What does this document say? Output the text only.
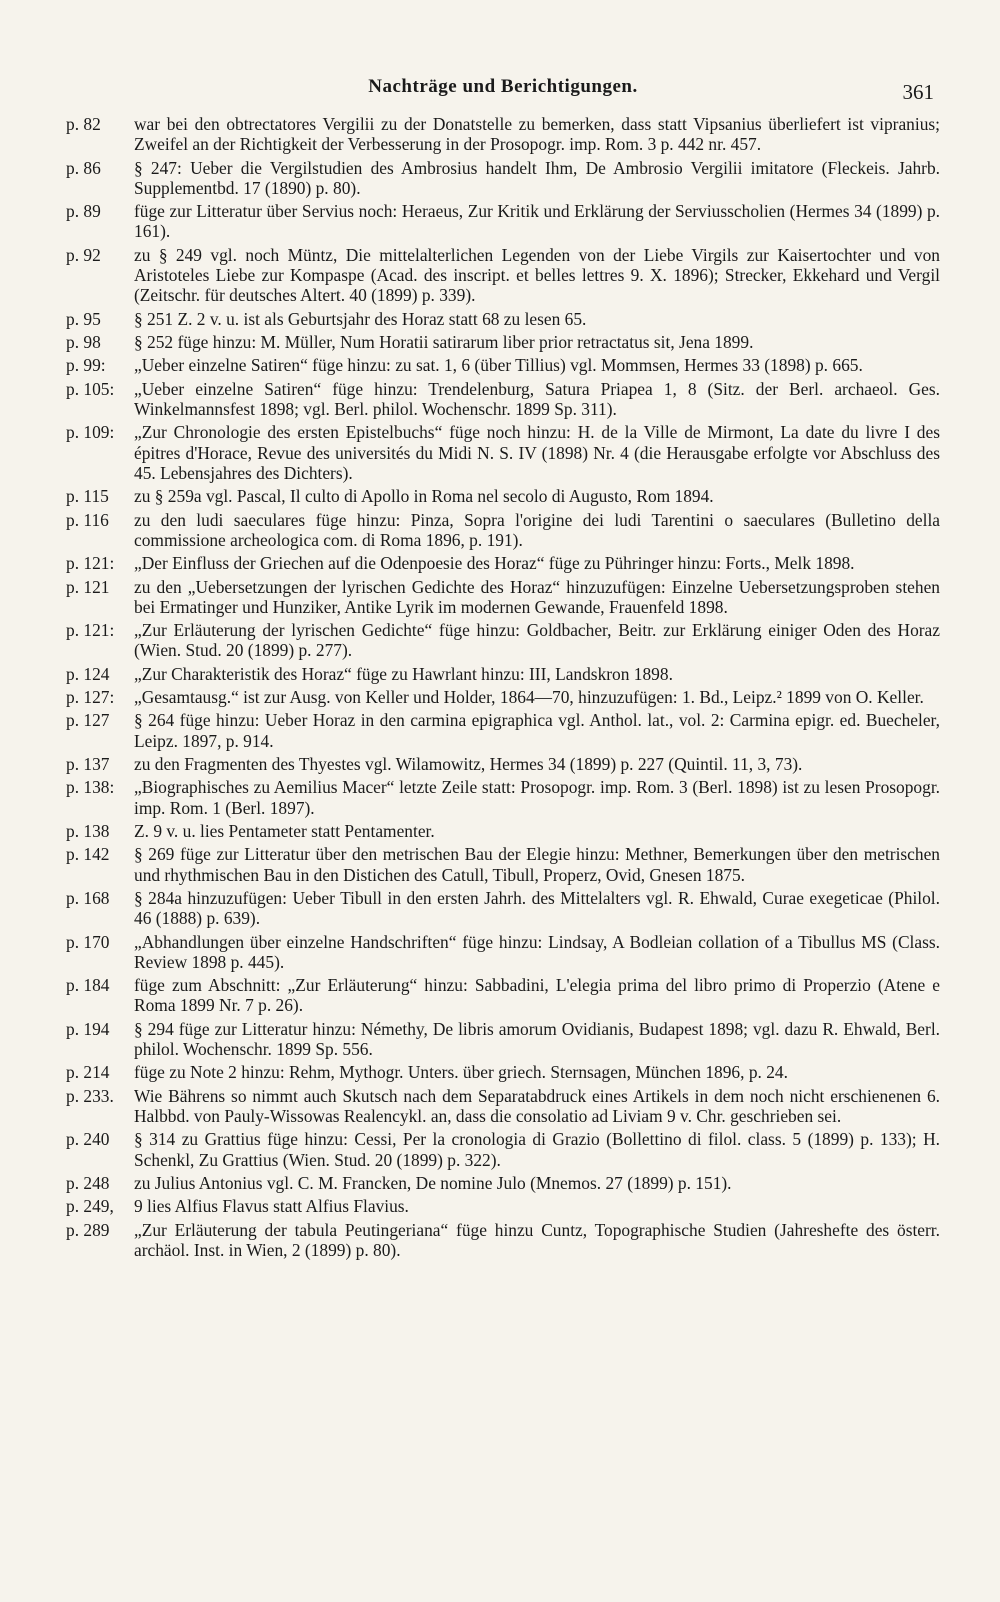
Nachträge und Berichtigungen.	361
p. 82	war bei den obtrectatores Vergilii zu der Donatstelle zu bemerken, dass statt Vipsanius überliefert ist vipranius; Zweifel an der Richtigkeit der Verbesserung in der Prosopogr. imp. Rom. 3 p. 442 nr. 457.
p. 86	§ 247: Ueber die Vergilstudien des Ambrosius handelt Ihm, De Ambrosio Vergilii imitatore (Fleckeis. Jahrb. Supplementbd. 17 (1890) p. 80).
p. 89	füge zur Litteratur über Servius noch: Heraeus, Zur Kritik und Erklärung der Serviusscholien (Hermes 34 (1899) p. 161).
p. 92	zu § 249 vgl. noch Müntz, Die mittelalterlichen Legenden von der Liebe Virgils zur Kaisertochter und von Aristoteles Liebe zur Kompaspe (Acad. des inscript. et belles lettres 9. X. 1896); Strecker, Ekkehard und Vergil (Zeitschr. für deutsches Altert. 40 (1899) p. 339).
p. 95	§ 251 Z. 2 v. u. ist als Geburtsjahr des Horaz statt 68 zu lesen 65.
p. 98	§ 252 füge hinzu: M. Müller, Num Horatii satirarum liber prior retractatus sit, Jena 1899.
p. 99:	„Ueber einzelne Satiren“ füge hinzu: zu sat. 1, 6 (über Tillius) vgl. Mommsen, Hermes 33 (1898) p. 665.
p. 105:	„Ueber einzelne Satiren“ füge hinzu: Trendelenburg, Satura Priapea 1, 8 (Sitz. der Berl. archaeol. Ges. Winkelmannsfest 1898; vgl. Berl. philol. Wochenschr. 1899 Sp. 311).
p. 109:	„Zur Chronologie des ersten Epistelbuchs“ füge noch hinzu: H. de la Ville de Mirmont, La date du livre I des épitres d'Horace, Revue des universités du Midi N. S. IV (1898) Nr. 4 (die Herausgabe erfolgte vor Abschluss des 45. Lebensjahres des Dichters).
p. 115	zu § 259a vgl. Pascal, Il culto di Apollo in Roma nel secolo di Augusto, Rom 1894.
p. 116	zu den ludi saeculares füge hinzu: Pinza, Sopra l'origine dei ludi Tarentini o saeculares (Bulletino della commissione archeologica com. di Roma 1896, p. 191).
p. 121:	„Der Einfluss der Griechen auf die Odenpoesie des Horaz“ füge zu Pühringer hinzu: Forts., Melk 1898.
p. 121	zu den „Uebersetzungen der lyrischen Gedichte des Horaz“ hinzuzufügen: Einzelne Uebersetzungsproben stehen bei Ermatinger und Hunziker, Antike Lyrik im modernen Gewande, Frauenfeld 1898.
p. 121:	„Zur Erläuterung der lyrischen Gedichte“ füge hinzu: Goldbacher, Beitr. zur Erklärung einiger Oden des Horaz (Wien. Stud. 20 (1899) p. 277).
p. 124	„Zur Charakteristik des Horaz“ füge zu Hawrlant hinzu: III, Landskron 1898.
p. 127:	„Gesamtausg.“ ist zur Ausg. von Keller und Holder, 1864—70, hinzuzufügen: 1. Bd., Leipz.² 1899 von O. Keller.
p. 127	§ 264 füge hinzu: Ueber Horaz in den carmina epigraphica vgl. Anthol. lat., vol. 2: Carmina epigr. ed. Buecheler, Leipz. 1897, p. 914.
p. 137	zu den Fragmenten des Thyestes vgl. Wilamowitz, Hermes 34 (1899) p. 227 (Quintil. 11, 3, 73).
p. 138:	„Biographisches zu Aemilius Macer“ letzte Zeile statt: Prosopogr. imp. Rom. 3 (Berl. 1898) ist zu lesen Prosopogr. imp. Rom. 1 (Berl. 1897).
p. 138	Z. 9 v. u. lies Pentameter statt Pentamenter.
p. 142	§ 269 füge zur Litteratur über den metrischen Bau der Elegie hinzu: Methner, Bemerkungen über den metrischen und rhythmischen Bau in den Distichen des Catull, Tibull, Properz, Ovid, Gnesen 1875.
p. 168	§ 284a hinzuzufügen: Ueber Tibull in den ersten Jahrh. des Mittelalters vgl. R. Ehwald, Curae exegeticae (Philol. 46 (1888) p. 639).
p. 170	„Abhandlungen über einzelne Handschriften“ füge hinzu: Lindsay, A Bodleian collation of a Tibullus MS (Class. Review 1898 p. 445).
p. 184	füge zum Abschnitt: „Zur Erläuterung“ hinzu: Sabbadini, L'elegia prima del libro primo di Properzio (Atene e Roma 1899 Nr. 7 p. 26).
p. 194	§ 294 füge zur Litteratur hinzu: Némethy, De libris amorum Ovidianis, Budapest 1898; vgl. dazu R. Ehwald, Berl. philol. Wochenschr. 1899 Sp. 556.
p. 214	füge zu Note 2 hinzu: Rehm, Mythogr. Unters. über griech. Sternsagen, München 1896, p. 24.
p. 233.	Wie Bährens so nimmt auch Skutsch nach dem Separatabdruck eines Artikels in dem noch nicht erschienenen 6. Halbbd. von Pauly-Wissowas Realencykl. an, dass die consolatio ad Liviam 9 v. Chr. geschrieben sei.
p. 240	§ 314 zu Grattius füge hinzu: Cessi, Per la cronologia di Grazio (Bollettino di filol. class. 5 (1899) p. 133); H. Schenkl, Zu Grattius (Wien. Stud. 20 (1899) p. 322).
p. 248	zu Julius Antonius vgl. C. M. Francken, De nomine Julo (Mnemos. 27 (1899) p. 151).
p. 249,	9 lies Alfius Flavus statt Alfius Flavius.
p. 289	„Zur Erläuterung der tabula Peutingeriana“ füge hinzu Cuntz, Topographische Studien (Jahreshefte des österr. archäol. Inst. in Wien, 2 (1899) p. 80).
